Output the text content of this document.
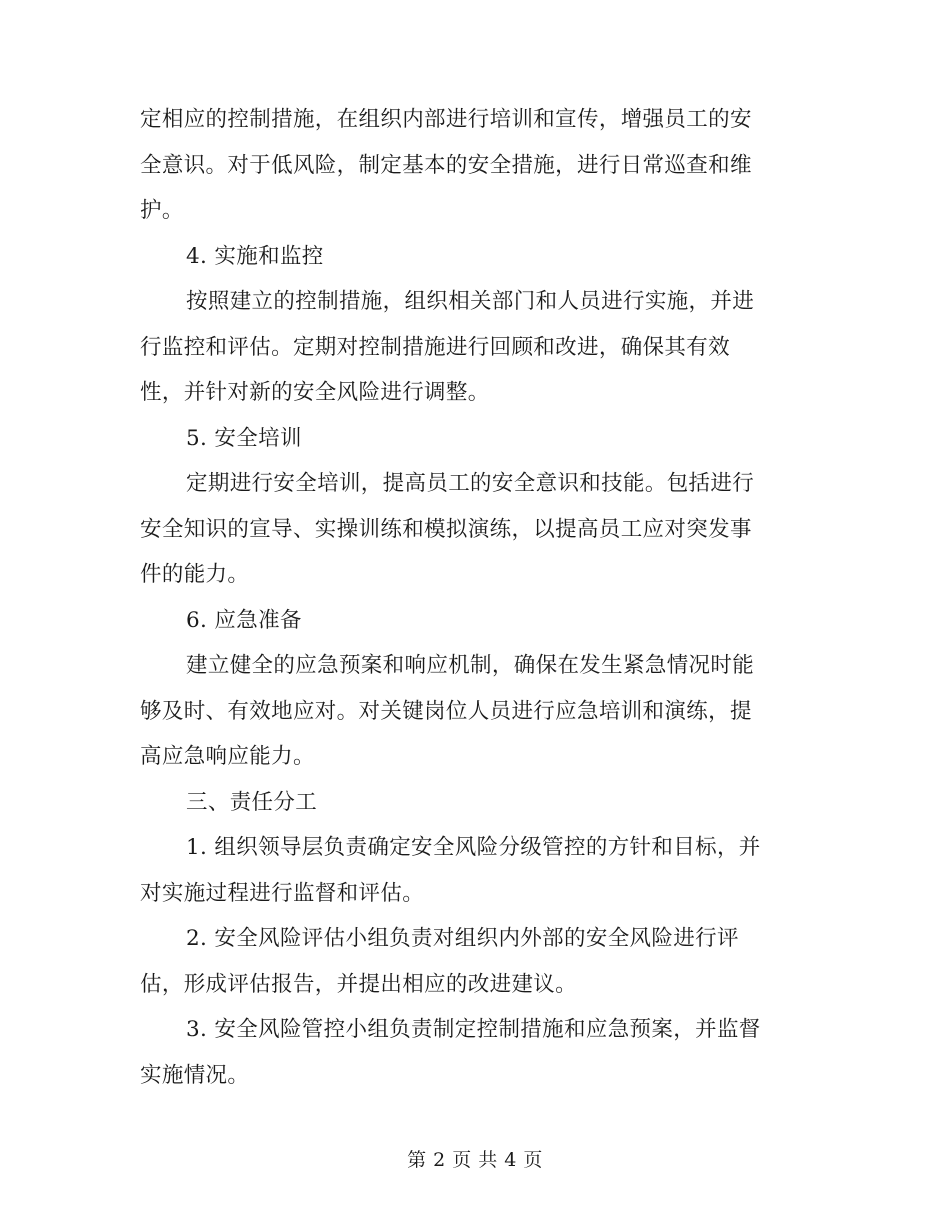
定相应的控制措施，在组织内部进行培训和宣传，增强员工的安
全意识。对于低风险，制定基本的安全措施，进行日常巡查和维
护。
4. 实施和监控
按照建立的控制措施，组织相关部门和人员进行实施，并进
行监控和评估。定期对控制措施进行回顾和改进，确保其有效
性，并针对新的安全风险进行调整。
5. 安全培训
定期进行安全培训，提高员工的安全意识和技能。包括进行
安全知识的宣导、实操训练和模拟演练，以提高员工应对突发事
件的能力。
6. 应急准备
建立健全的应急预案和响应机制，确保在发生紧急情况时能
够及时、有效地应对。对关键岗位人员进行应急培训和演练，提
高应急响应能力。
三、责任分工
1. 组织领导层负责确定安全风险分级管控的方针和目标，并
对实施过程进行监督和评估。
2. 安全风险评估小组负责对组织内外部的安全风险进行评
估，形成评估报告，并提出相应的改进建议。
3. 安全风险管控小组负责制定控制措施和应急预案，并监督
实施情况。
第 2 页 共 4 页
